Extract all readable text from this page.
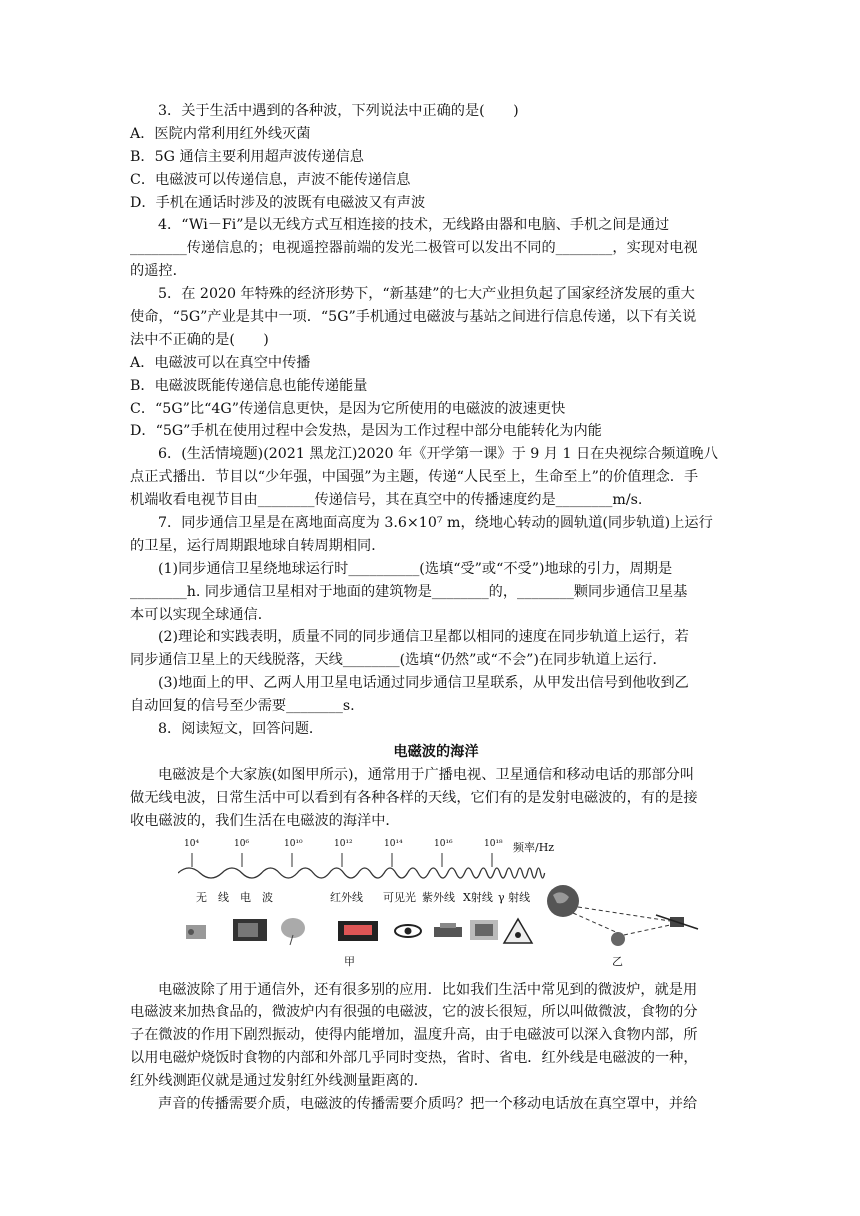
3．关于生活中遇到的各种波，下列说法中正确的是(　　)
A．医院内常利用红外线灭菌
B．5G 通信主要利用超声波传递信息
C．电磁波可以传递信息，声波不能传递信息
D．手机在通话时涉及的波既有电磁波又有声波
4．“Wi－Fi”是以无线方式互相连接的技术，无线路由器和电脑、手机之间是通过
________传递信息的；电视遥控器前端的发光二极管可以发出不同的________，实现对电视
的遥控．
5．在 2020 年特殊的经济形势下，“新基建”的七大产业担负起了国家经济发展的重大
使命，“5G”产业是其中一项．“5G”手机通过电磁波与基站之间进行信息传递，以下有关说
法中不正确的是(　　)
A．电磁波可以在真空中传播
B．电磁波既能传递信息也能传递能量
C．“5G”比“4G”传递信息更快，是因为它所使用的电磁波的波速更快
D．“5G”手机在使用过程中会发热，是因为工作过程中部分电能转化为内能
6．(生活情境题)(2021 黑龙江)2020 年《开学第一课》于 9 月 1 日在央视综合频道晚八
点正式播出．节目以“少年强，中国强”为主题，传递“人民至上，生命至上”的价值理念．手
机端收看电视节目由________传递信号，其在真空中的传播速度约是________m/s.
7．同步通信卫星是在离地面高度为 3.6×10⁷ m，绕地心转动的圆轨道(同步轨道)上运行
的卫星，运行周期跟地球自转周期相同．
(1)同步通信卫星绕地球运行时__________(选填“受”或“不受”)地球的引力，周期是
________h. 同步通信卫星相对于地面的建筑物是________的，________颗同步通信卫星基
本可以实现全球通信．
(2)理论和实践表明，质量不同的同步通信卫星都以相同的速度在同步轨道上运行，若
同步通信卫星上的天线脱落，天线________(选填“仍然”或“不会”)在同步轨道上运行．
(3)地面上的甲、乙两人用卫星电话通过同步通信卫星联系，从甲发出信号到他收到乙
自动回复的信号至少需要________s.
8．阅读短文，回答问题．
电磁波的海洋
电磁波是个大家族(如图甲所示)，通常用于广播电视、卫星通信和移动电话的那部分叫
做无线电波，日常生活中可以看到有各种各样的天线，它们有的是发射电磁波的，有的是接
收电磁波的，我们生活在电磁波的海洋中．
10⁴	10⁶	10¹⁰	10¹²	10¹⁴	10¹⁶	10¹⁸ 频率/Hz
无　线　电　波	红外线 可见光 紫外线 X射线 γ 射线
甲	乙
电磁波除了用于通信外，还有很多别的应用．比如我们生活中常见到的微波炉，就是用
电磁波来加热食品的，微波炉内有很强的电磁波，它的波长很短，所以叫做微波，食物的分
子在微波的作用下剧烈振动，使得内能增加，温度升高，由于电磁波可以深入食物内部，所
以用电磁炉烧饭时食物的内部和外部几乎同时变热，省时、省电．红外线是电磁波的一种，
红外线测距仪就是通过发射红外线测量距离的．
声音的传播需要介质，电磁波的传播需要介质吗？把一个移动电话放在真空罩中，并给
